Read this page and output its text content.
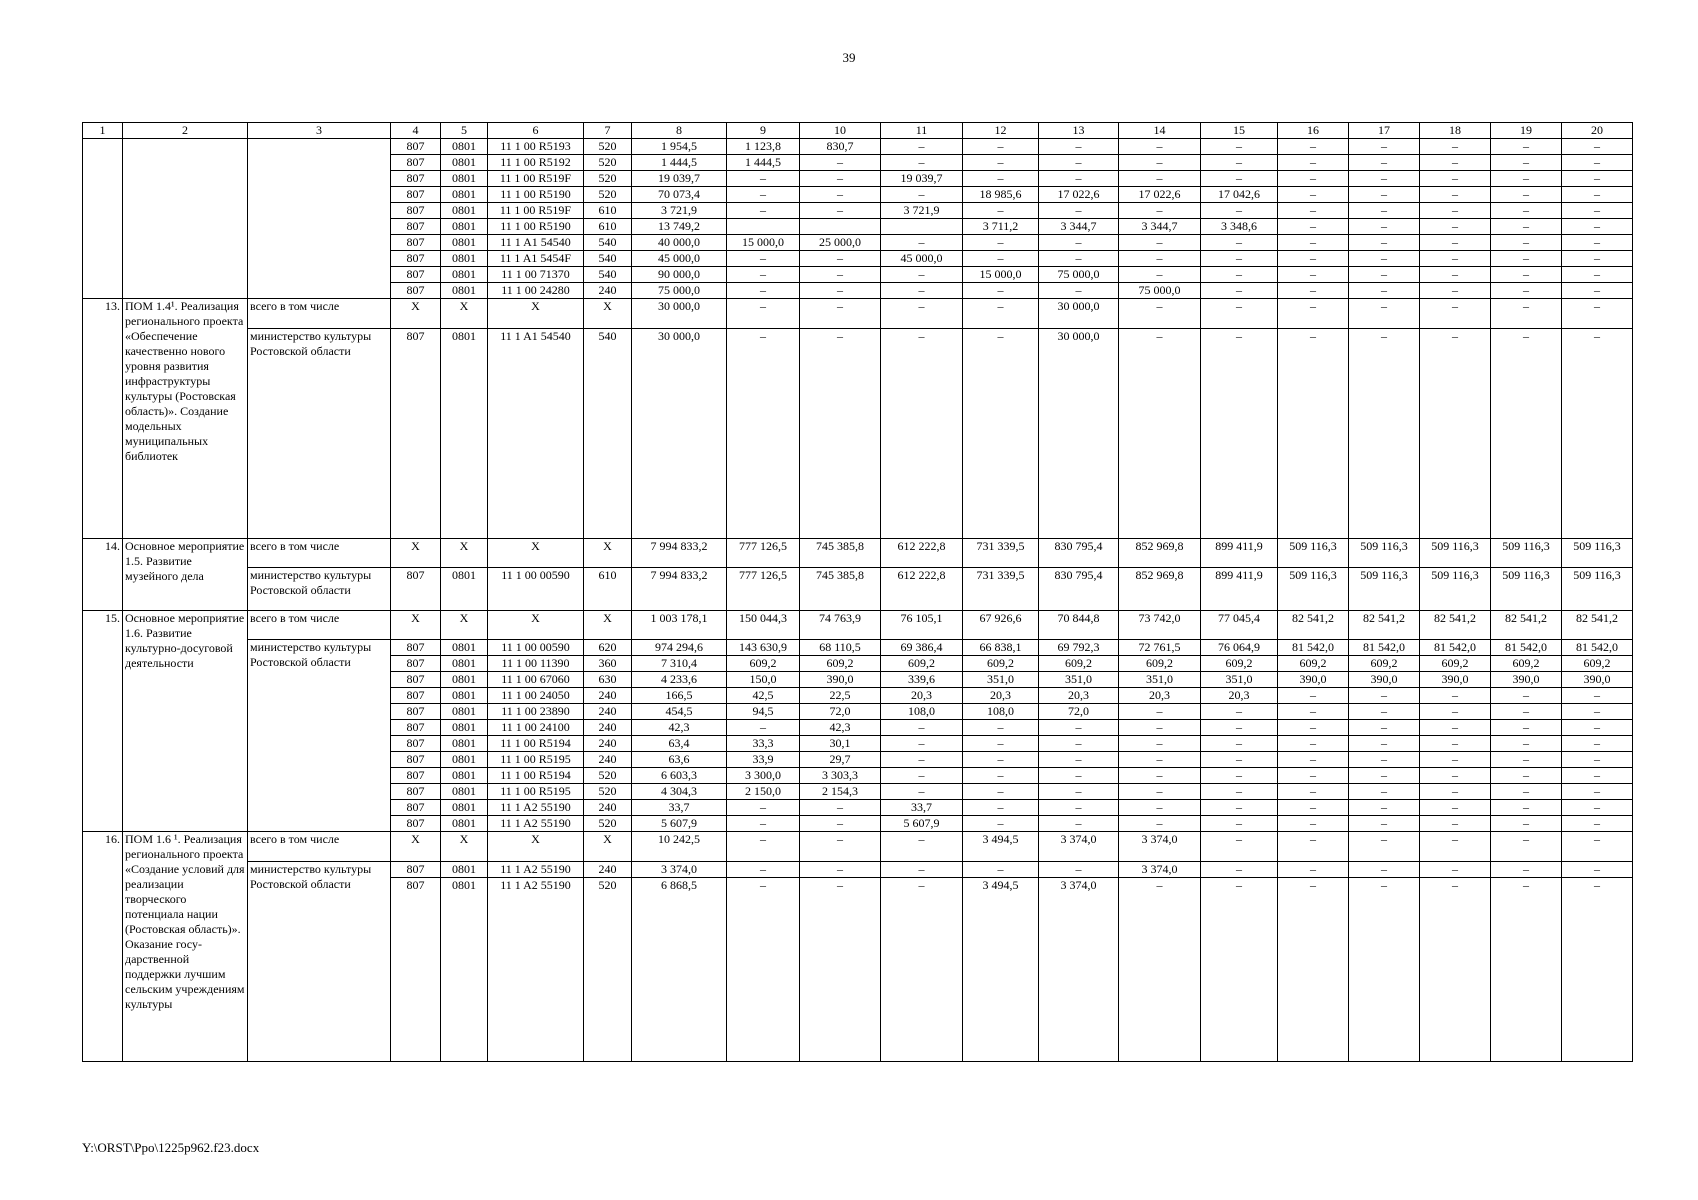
39
1	2	3	4	5	6	7	8	9	10	11	12	13	14	15	16	17	18	19	20
			807	0801	11 1 00 R5193	520	1 954,5	1 123,8	830,7	–	–	–	–	–	–	–	–	–	–
			807	0801	11 1 00 R5192	520	1 444,5	1 444,5	–	–	–	–	–	–	–	–	–	–	–
			807	0801	11 1 00 R519F	520	19 039,7	–	–	19 039,7	–	–	–	–	–	–	–	–	–
			807	0801	11 1 00 R5190	520	70 073,4	–	–	–	18 985,6	17 022,6	17 022,6	17 042,6	–	–	–	–	–
			807	0801	11 1 00 R519F	610	3 721,9	–	–	3 721,9	–	–	–	–	–	–	–	–	–
			807	0801	11 1 00 R5190	610	13 749,2				3 711,2	3 344,7	3 344,7	3 348,6	–	–	–	–	–
			807	0801	11 1 A1 54540	540	40 000,0	15 000,0	25 000,0	–	–	–	–	–	–	–	–	–	–
			807	0801	11 1 A1 5454F	540	45 000,0	–	–	45 000,0	–	–	–	–	–	–	–	–	–
			807	0801	11 1 00 71370	540	90 000,0	–	–	–	15 000,0	75 000,0	–	–	–	–	–	–	–
			807	0801	11 1 00 24280	240	75 000,0	–	–	–	–	–	75 000,0	–	–	–	–	–	–
13.	ПОМ 1.4¹. Реализация регионального проекта «Обеспечение качественно нового уровня развития инфраструктуры культуры (Ростовская область)». Создание модельных муниципальных библиотек	всего в том числе	X	X	X	X	30 000,0	–	–	–	–	30 000,0	–	–	–	–	–	–	–
		министерство культуры Ростовской области	807	0801	11 1 A1 54540	540	30 000,0	–	–	–	–	30 000,0	–	–	–	–	–	–	–
14.	Основное мероприятие 1.5. Развитие музейного дела	всего в том числе	X	X	X	X	7 994 833,2	777 126,5	745 385,8	612 222,8	731 339,5	830 795,4	852 969,8	899 411,9	509 116,3	509 116,3	509 116,3	509 116,3	509 116,3
		министерство культуры Ростовской области	807	0801	11 1 00 00590	610	7 994 833,2	777 126,5	745 385,8	612 222,8	731 339,5	830 795,4	852 969,8	899 411,9	509 116,3	509 116,3	509 116,3	509 116,3	509 116,3
15.	Основное мероприятие 1.6. Развитие культурно-досуговой деятельности	всего в том числе	X	X	X	X	1 003 178,1	150 044,3	74 763,9	76 105,1	67 926,6	70 844,8	73 742,0	77 045,4	82 541,2	82 541,2	82 541,2	82 541,2	82 541,2
		министерство культуры Ростовской области	807	0801	11 1 00 00590	620	974 294,6	143 630,9	68 110,5	69 386,4	66 838,1	69 792,3	72 761,5	76 064,9	81 542,0	81 542,0	81 542,0	81 542,0	81 542,0
			807	0801	11 1 00 11390	360	7 310,4	609,2	609,2	609,2	609,2	609,2	609,2	609,2	609,2	609,2	609,2	609,2	609,2
			807	0801	11 1 00 67060	630	4 233,6	150,0	390,0	339,6	351,0	351,0	351,0	351,0	390,0	390,0	390,0	390,0	390,0
			807	0801	11 1 00 24050	240	166,5	42,5	22,5	20,3	20,3	20,3	20,3	20,3	–	–	–	–	–
			807	0801	11 1 00 23890	240	454,5	94,5	72,0	108,0	108,0	72,0	–	–	–	–	–	–	–
			807	0801	11 1 00 24100	240	42,3	–	42,3	–	–	–	–	–	–	–	–	–	–
			807	0801	11 1 00 R5194	240	63,4	33,3	30,1	–	–	–	–	–	–	–	–	–	–
			807	0801	11 1 00 R5195	240	63,6	33,9	29,7	–	–	–	–	–	–	–	–	–	–
			807	0801	11 1 00 R5194	520	6 603,3	3 300,0	3 303,3	–	–	–	–	–	–	–	–	–	–
			807	0801	11 1 00 R5195	520	4 304,3	2 150,0	2 154,3	–	–	–	–	–	–	–	–	–	–
			807	0801	11 1 A2 55190	240	33,7	–	–	33,7	–	–	–	–	–	–	–	–	–
			807	0801	11 1 A2 55190	520	5 607,9	–	–	5 607,9	–	–	–	–	–	–	–	–	–
16.	ПОМ 1.6 ¹. Реализация регионального проекта «Создание условий для реализации творческого потенциала нации (Ростовская область)». Оказание госу-дарственной поддержки лучшим сельским учреждениям культуры	всего в том числе	X	X	X	X	10 242,5	–	–	–	3 494,5	3 374,0	3 374,0	–	–	–	–	–	–
		министерство культуры Ростовской области	807	0801	11 1 A2 55190	240	3 374,0	–	–	–	–	–	3 374,0	–	–	–	–	–	–
			807	0801	11 1 A2 55190	520	6 868,5	–	–	–	3 494,5	3 374,0	–	–	–	–	–	–	–
Y:\ORST\Ppo\1225p962.f23.docx
